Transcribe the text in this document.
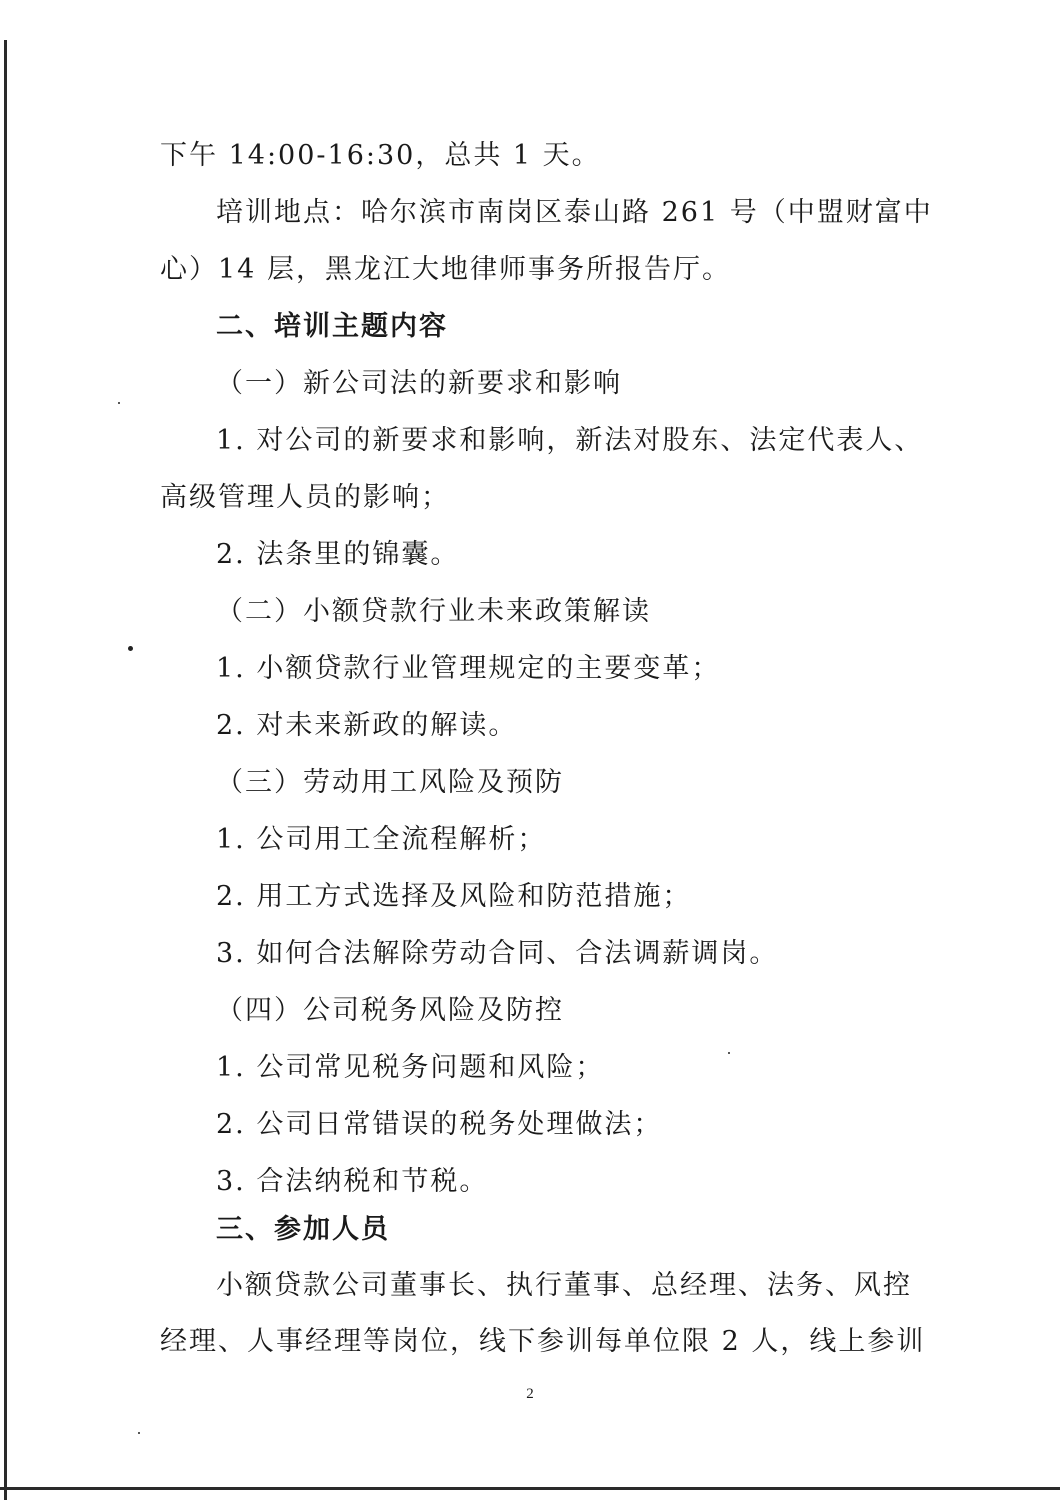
下午 14:00-16:30，总共 1 天。
培训地点：哈尔滨市南岗区泰山路 261 号（中盟财富中
心）14 层，黑龙江大地律师事务所报告厅。
二、培训主题内容
（一）新公司法的新要求和影响
1. 对公司的新要求和影响，新法对股东、法定代表人、
高级管理人员的影响；
2. 法条里的锦囊。
（二）小额贷款行业未来政策解读
1. 小额贷款行业管理规定的主要变革；
2. 对未来新政的解读。
（三）劳动用工风险及预防
1. 公司用工全流程解析；
2. 用工方式选择及风险和防范措施；
3. 如何合法解除劳动合同、合法调薪调岗。
（四）公司税务风险及防控
1. 公司常见税务问题和风险；
2. 公司日常错误的税务处理做法；
3. 合法纳税和节税。
三、参加人员
小额贷款公司董事长、执行董事、总经理、法务、风控
经理、人事经理等岗位，线下参训每单位限 2 人，线上参训
2
